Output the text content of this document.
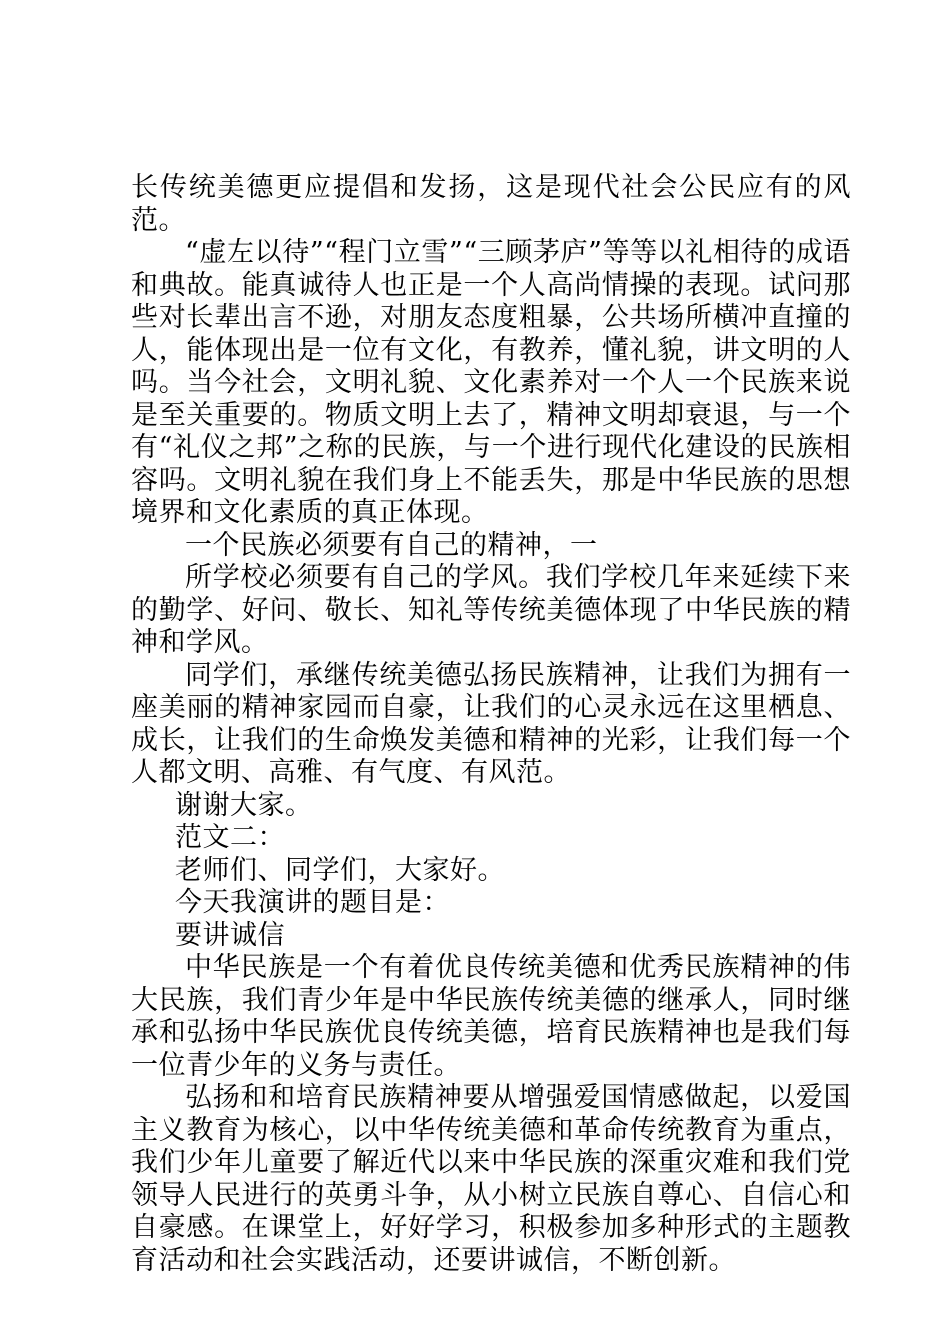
长传统美德更应提倡和发扬，这是现代社会公民应有的风范。

“虚左以待”“程门立雪”“三顾茅庐”等等以礼相待的成语和典故。能真诚待人也正是一个人高尚情操的表现。试问那些对长辈出言不逊，对朋友态度粗暴，公共场所横冲直撞的人，能体现出是一位有文化，有教养，懂礼貌，讲文明的人吗。当今社会，文明礼貌、文化素养对一个人一个民族来说是至关重要的。物质文明上去了，精神文明却衰退，与一个有“礼仪之邦”之称的民族，与一个进行现代化建设的民族相容吗。文明礼貌在我们身上不能丢失，那是中华民族的思想境界和文化素质的真正体现。

一个民族必须要有自己的精神，一

所学校必须要有自己的学风。我们学校几年来延续下来的勤学、好问、敬长、知礼等传统美德体现了中华民族的精神和学风。

同学们，承继传统美德弘扬民族精神，让我们为拥有一座美丽的精神家园而自豪，让我们的心灵永远在这里栖息、成长，让我们的生命焕发美德和精神的光彩，让我们每一个人都文明、高雅、有气度、有风范。

谢谢大家。

范文二：

老师们、同学们，大家好。

今天我演讲的题目是：

要讲诚信

中华民族是一个有着优良传统美德和优秀民族精神的伟大民族，我们青少年是中华民族传统美德的继承人，同时继承和弘扬中华民族优良传统美德，培育民族精神也是我们每一位青少年的义务与责任。

弘扬和和培育民族精神要从增强爱国情感做起，以爱国主义教育为核心，以中华传统美德和革命传统教育为重点，我们少年儿童要了解近代以来中华民族的深重灾难和我们党领导人民进行的英勇斗争，从小树立民族自尊心、自信心和自豪感。在课堂上，好好学习，积极参加多种形式的主题教育活动和社会实践活动，还要讲诚信，不断创新。
